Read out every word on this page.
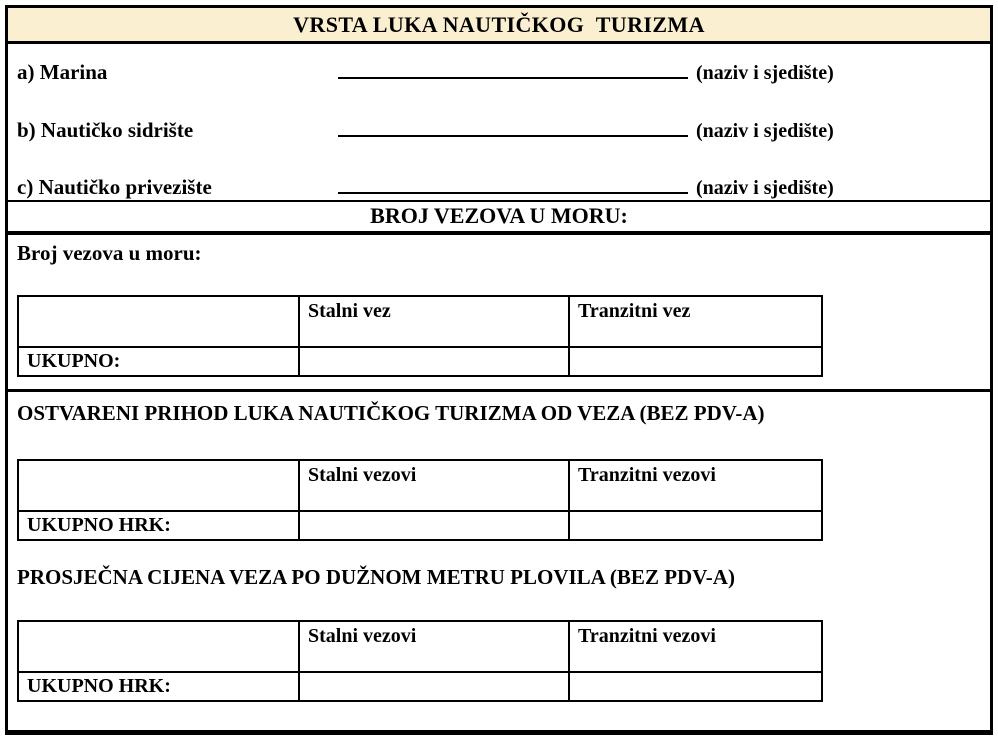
VRSTA LUKA NAUTIČKOG  TURIZMA
a) Marina	(naziv i sjedište)
b) Nautičko sidrište	(naziv i sjedište)
c) Nautičko privezište	(naziv i sjedište)
BROJ VEZOVA U MORU:
Broj vezova u moru:
	Stalni vez	Tranzitni vez
UKUPNO:		
OSTVARENI PRIHOD LUKA NAUTIČKOG TURIZMA OD VEZA (BEZ PDV-A)
	Stalni vezovi	Tranzitni vezovi
UKUPNO HRK:		
PROSJEČNA CIJENA VEZA PO DUŽNOM METRU PLOVILA (BEZ PDV-A)
	Stalni vezovi	Tranzitni vezovi
UKUPNO HRK:		
